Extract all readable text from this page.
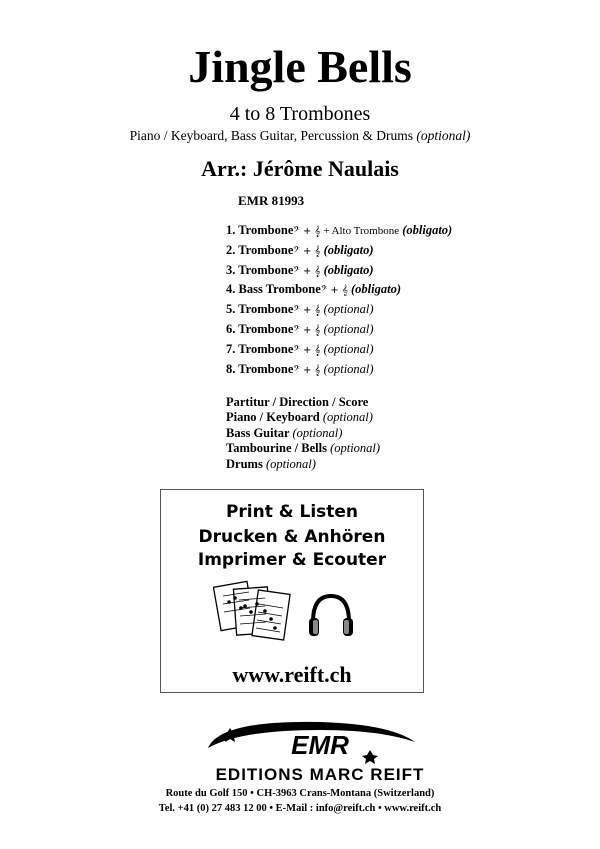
Jingle Bells
4 to 8 Trombones
Piano / Keyboard, Bass Guitar, Percussion & Drums (optional)
Arr.: Jérôme Naulais
EMR 81993
1. Trombone𝄢 + 𝄞 + Alto Trombone (obligato)
2. Trombone𝄢 + 𝄞 (obligato)
3. Trombone𝄢 + 𝄞 (obligato)
4. Bass Trombone𝄢 + 𝄞 (obligato)
5. Trombone𝄢 + 𝄞 (optional)
6. Trombone𝄢 + 𝄞 (optional)
7. Trombone𝄢 + 𝄞 (optional)
8. Trombone𝄢 + 𝄞 (optional)
Partitur / Direction / Score
Piano / Keyboard (optional)
Bass Guitar (optional)
Tambourine / Bells (optional)
Drums (optional)
Print & Listen
Drucken & Anhören
Imprimer & Ecouter
www.reift.ch
EMR
EDITIONS MARC REIFT
Route du Golf 150 • CH-3963 Crans-Montana (Switzerland)
Tel. +41 (0) 27 483 12 00 • E-Mail : info@reift.ch • www.reift.ch
